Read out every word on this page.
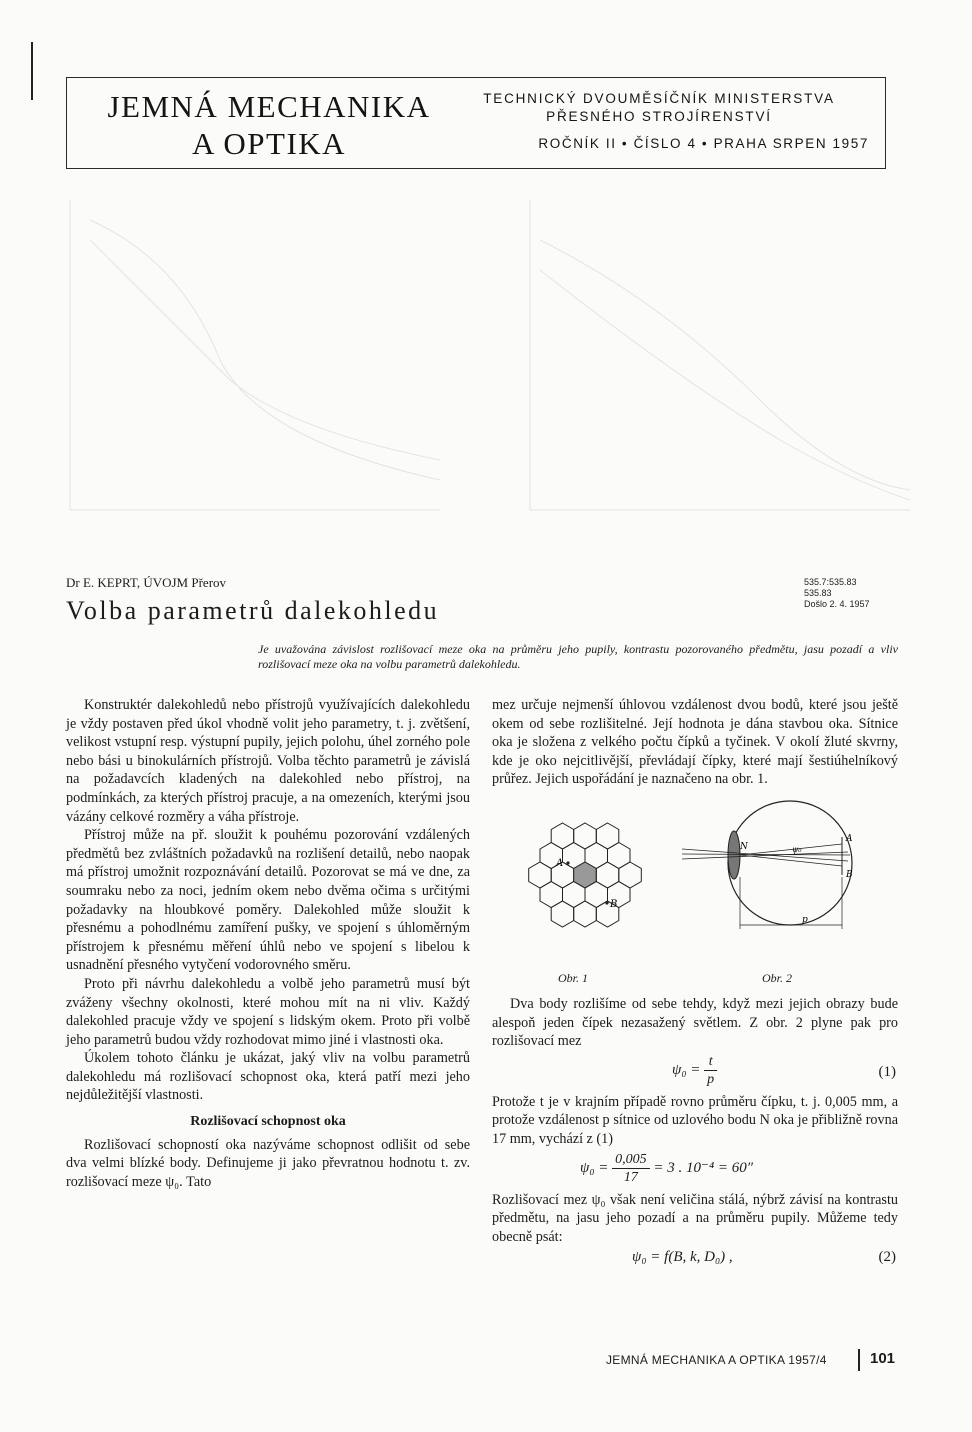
JEMNÁ MECHANIKA
A OPTIKA
TECHNICKÝ DVOUMĚSÍČNÍK MINISTERSTVA
PŘESNÉHO STROJÍRENSTVÍ
ROČNÍK II • ČÍSLO 4 • PRAHA SRPEN 1957
Dr E. KEPRT, ÚVOJM Přerov	535.7:535.83
535.83
Došlo 2. 4. 1957
Volba parametrů dalekohledu
Je uvažována závislost rozlišovací meze oka na průměru jeho pupily, kontrastu pozorovaného předmětu, jasu pozadí a vliv rozlišovací meze oka na volbu parametrů dalekohledu.

Konstruktér dalekohledů nebo přístrojů využívajících dalekohledu je vždy postaven před úkol vhodně volit jeho parametry, t. j. zvětšení, velikost vstupní resp. výstupní pupily, jejich polohu, úhel zorného pole nebo bási u binokulárních přístrojů. Volba těchto parametrů je závislá na požadavcích kladených na dalekohled nebo přístroj, na podmínkách, za kterých přístroj pracuje, a na omezeních, kterými jsou vázány celkové rozměry a váha přístroje.

Přístroj může na př. sloužit k pouhému pozorování vzdálených předmětů bez zvláštních požadavků na rozlišení detailů, nebo naopak má přístroj umožnit rozpoznávání detailů. Pozorovat se má ve dne, za soumraku nebo za noci, jedním okem nebo dvěma očima s určitými požadavky na hloubkové poměry. Dalekohled může sloužit k přesnému a pohodlnému zamíření pušky, ve spojení s úhloměrným přístrojem k přesnému měření úhlů nebo ve spojení s libelou k usnadnění přesného vytyčení vodorovného směru.

Proto při návrhu dalekohledu a volbě jeho parametrů musí být zváženy všechny okolnosti, které mohou mít na ni vliv. Každý dalekohled pracuje vždy ve spojení s lidským okem. Proto při volbě jeho parametrů budou vždy rozhodovat mimo jiné i vlastnosti oka.

Úkolem tohoto článku je ukázat, jaký vliv na volbu parametrů dalekohledu má rozlišovací schopnost oka, která patří mezi jeho nejdůležitější vlastnosti.

Rozlišovací schopnost oka

Rozlišovací schopností oka nazýváme schopnost odlišit od sebe dva velmi blízké body. Definujeme ji jako převratnou hodnotu t. zv. rozlišovací meze ψ₀. Tato

mez určuje nejmenší úhlovou vzdálenost dvou bodů, které jsou ještě okem od sebe rozlišitelné. Její hodnota je dána stavbou oka. Sítnice oka je složena z velkého počtu čípků a tyčinek. V okolí žluté skvrny, kde je oko nejcitlivější, převládají čípky, které mají šestiúhelníkový průřez. Jejich uspořádání je naznačeno na obr. 1.

A
B
Obr. 1
A
B
N	ψ₀
p
Obr. 2

Dva body rozlišíme od sebe tehdy, když mezi jejich obrazy bude alespoň jeden čípek nezasažený světlem. Z obr. 2 plyne pak pro rozlišovací mez

$\psi_0 = \frac{t}{p}$	(1)

Protože t je v krajním případě rovno průměru čípku, t. j. 0,005 mm, a protože vzdálenost p sítnice od uzlového bodu N oka je přibližně rovna 17 mm, vychází z (1)

$\psi_0 = \frac{0,005}{17} = 3$ . 10⁻⁴ = 60″

Rozlišovací mez ψ₀ však není veličina stálá, nýbrž závisí na kontrastu předmětu, na jasu jeho pozadí a na průměru pupily. Můžeme tedy obecně psát:

ψ₀ = f(B, k, D₀) ,	(2)
JEMNÁ MECHANIKA A OPTIKA 1957/4	101
